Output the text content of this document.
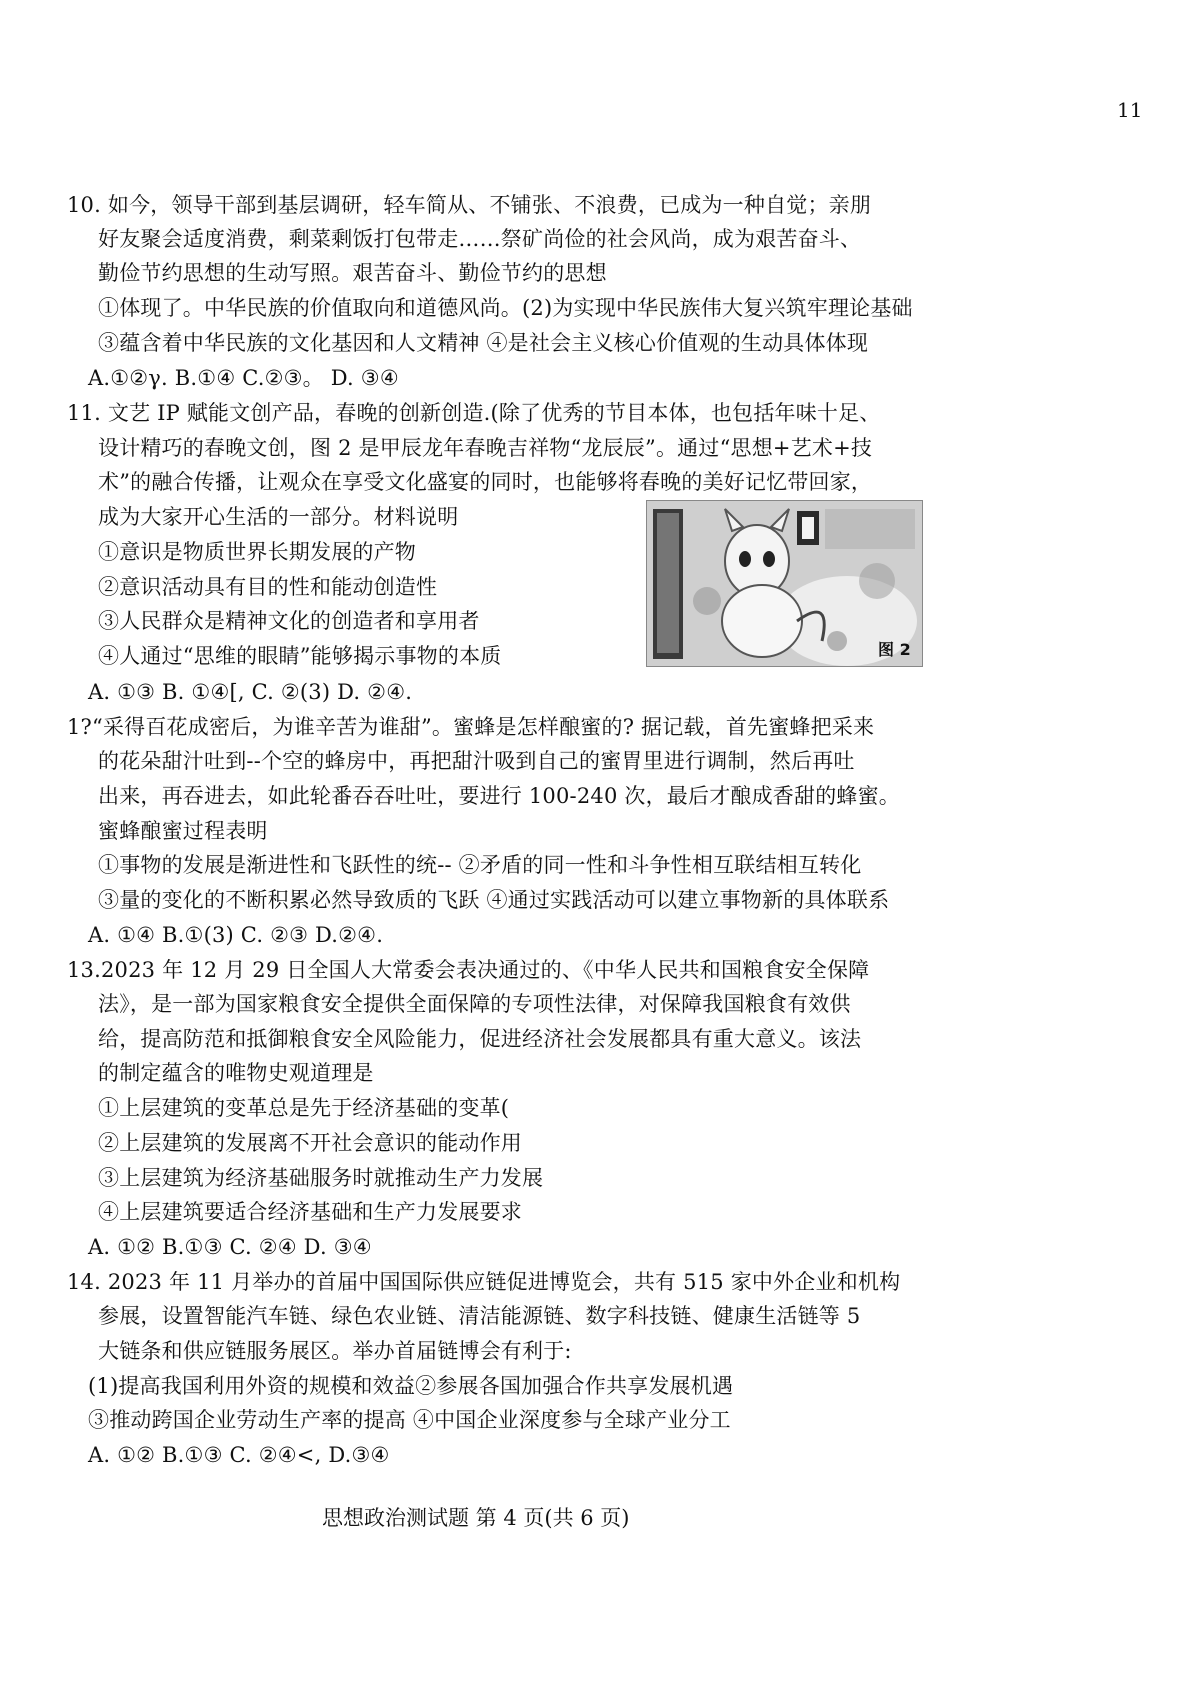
11
10. 如今，领导干部到基层调研，轻车简从、不铺张、不浪费，已成为一种自觉；亲朋
好友聚会适度消费，剩菜剩饭打包带走……祭矿尚俭的社会风尚，成为艰苦奋斗、
勤俭节约思想的生动写照。艰苦奋斗、勤俭节约的思想
①体现了。中华民族的价值取向和道德风尚。(2)为实现中华民族伟大复兴筑牢理论基础
③蕴含着中华民族的文化基因和人文精神 ④是社会主义核心价值观的生动具体体现
A.①②γ. B.①④ C.②③。 D. ③④
11. 文艺 IP 赋能文创产品，春晚的创新创造.(除了优秀的节目本体，也包括年味十足、
设计精巧的春晚文创，图 2 是甲辰龙年春晚吉祥物“龙辰辰”。通过“思想+艺术+技
术”的融合传播，让观众在享受文化盛宴的同时，也能够将春晚的美好记忆带回家，
成为大家开心生活的一部分。材料说明
①意识是物质世界长期发展的产物
②意识活动具有目的性和能动创造性
③人民群众是精神文化的创造者和享用者
④人通过“思维的眼睛”能够揭示事物的本质
A. ①③ B. ①④[, C. ②(3) D. ②④.
1?“采得百花成密后，为谁辛苦为谁甜”。蜜蜂是怎样酿蜜的? 据记载，首先蜜蜂把采来
的花朵甜汁吐到--个空的蜂房中，再把甜汁吸到自己的蜜胃里进行调制，然后再吐
出来，再吞进去，如此轮番吞吞吐吐，要进行 100-240 次，最后才酿成香甜的蜂蜜。
蜜蜂酿蜜过程表明
①事物的发展是渐进性和飞跃性的统-- ②矛盾的同一性和斗争性相互联结相互转化
③量的变化的不断积累必然导致质的飞跃 ④通过实践活动可以建立事物新的具体联系
A. ①④ B.①(3) C. ②③ D.②④.
13.2023 年 12 月 29 日全国人大常委会表决通过的、《中华人民共和国粮食安全保障
法》，是一部为国家粮食安全提供全面保障的专项性法律，对保障我国粮食有效供
给，提高防范和抵御粮食安全风险能力，促进经济社会发展都具有重大意义。该法
的制定蕴含的唯物史观道理是
①上层建筑的变革总是先于经济基础的变革(
②上层建筑的发展离不开社会意识的能动作用
③上层建筑为经济基础服务时就推动生产力发展
④上层建筑要适合经济基础和生产力发展要求
A. ①② B.①③ C. ②④ D. ③④
14. 2023 年 11 月举办的首届中国国际供应链促进博览会，共有 515 家中外企业和机构
参展，设置智能汽车链、绿色农业链、清洁能源链、数字科技链、健康生活链等 5
大链条和供应链服务展区。举办首届链博会有利于:
(1)提高我国利用外资的规模和效益②参展各国加强合作共享发展机遇
③推动跨国企业劳动生产率的提高 ④中国企业深度参与全球产业分工
A. ①② B.①③ C. ②④<, D.③④
图 2
思想政治测试题 第 4 页(共 6 页)
